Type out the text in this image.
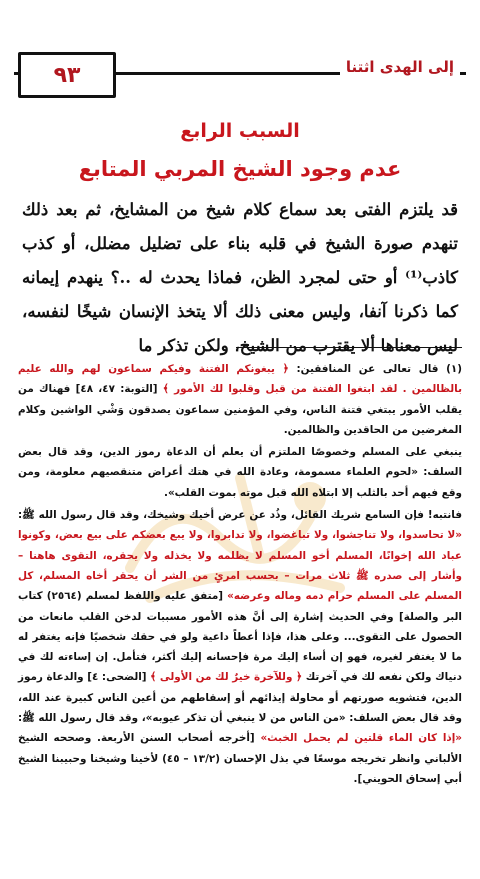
٩٣	إلى الهدى اثتنا
السبب الرابع
عدم وجود الشيخ المربي المتابع
قد يلتزم الفتى بعد سماع كلام شيخ من المشايخ، ثم بعد ذلك تنهدم صورة الشيخ في قلبه بناء على تضليل مضلل، أو كذب كاذب⁽¹⁾ أو حتى لمجرد الظن، فماذا يحدث له ..؟ ينهدم إيمانه كما ذكرنا آنفا، وليس معنى ذلك ألا يتخذ الإنسان شيخًا لنفسه، ليس معناها ألا يقترب من الشيخ، ولكن تذكر ما

(١) قال تعالى عن المنافقين: ﴿ يبغونكم الفتنة وفيكم سماعون لهم والله عليم بالظالمين . لقد ابتغوا الفتنة من قبل وقلبوا لك الأمور ﴾ [التوبة: ٤٧، ٤٨] فهناك من يقلب الأمور يبتغي فتنة الناس، وفي المؤمنين سماعون يصدقون وَشْي الواشين وكلام المغرضين من الحاقدين والظالمين.

ينبغي على المسلم وخصوصًا الملتزم أن يعلم أن الدعاة رموز الدين، وقد قال بعض السلف: «لحوم العلماء مسمومة، وعادة الله في هتك أعراض متنقصيهم معلومة، ومن وقع فيهم أحد بالثلب إلا ابتلاه الله قبل موته بموت القلب».

فانتبه! فإن السامع شريك القائل، وذُد عن عرض أخيك وشيخك، وقد قال رسول الله ﷺ: «لا تحاسدوا، ولا تناجشوا، ولا تباغضوا، ولا تدابروا، ولا يبع بعضكم على بيع بعض، وكونوا عباد الله إخوانًا، المسلم أخو المسلم لا يظلمه ولا يخذله ولا يحقره، التقوى هاهنا – وأشار إلى صدره ﷺ ثلاث مرات – بحسب امرئٍ من الشر أن يحقر أخاه المسلم، كل المسلم على المسلم حرام دمه وماله وعرضه» [متفق عليه واللفظ لمسلم (٢٥٦٤) كتاب البر والصلة] وفي الحديث إشارة إلى أنَّ هذه الأمور مسببات لدخن القلب مانعات من الحصول على التقوى... وعلى هذا، فإذا أعطاً داعية ولو في حقك شخصيًا فإنه يغتفر له ما لا يغتفر لغيره، فهو إن أساء إليك مرة فإحسانه إليك أكثر، فتأمل. إن إساءته لك في دنياك ولكن نفعه لك في آخرتك ﴿ وللآخرة خيرٌ لك من الأولى ﴾ [الضحى: ٤] والدعاة رموز الدين، فتشويه صورتهم أو محاولة إيذائهم أو إسقاطهم من أعين الناس كبيرة عند الله، وقد قال بعض السلف: «من الناس من لا ينبغي أن تذكر عيوبه»، وقد قال رسول الله ﷺ: «إذا كان الماء قلتين لم يحمل الخبث» [أخرجه أصحاب السنن الأربعة. وصححه الشيخ الألباني وانظر تخريجه موسعًا في بذل الإحسان (١٣/٢ – ٤٥) لأخينا وشيخنا وحبيبنا الشيخ أبي إسحاق الحويني].
